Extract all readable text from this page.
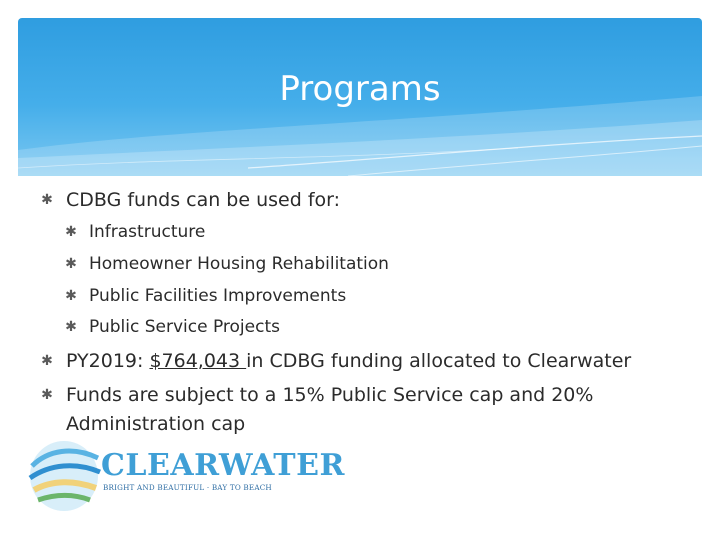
Programs
✱ CDBG funds can be used for:
✱ Infrastructure
✱ Homeowner Housing Rehabilitation
✱ Public Facilities Improvements
✱ Public Service Projects
✱ PY2019: $764,043 in CDBG funding allocated to Clearwater
✱ Funds are subject to a 15% Public Service cap and 20%
Administration cap
CLEARWATER
BRIGHT AND BEAUTIFUL · BAY TO BEACH
